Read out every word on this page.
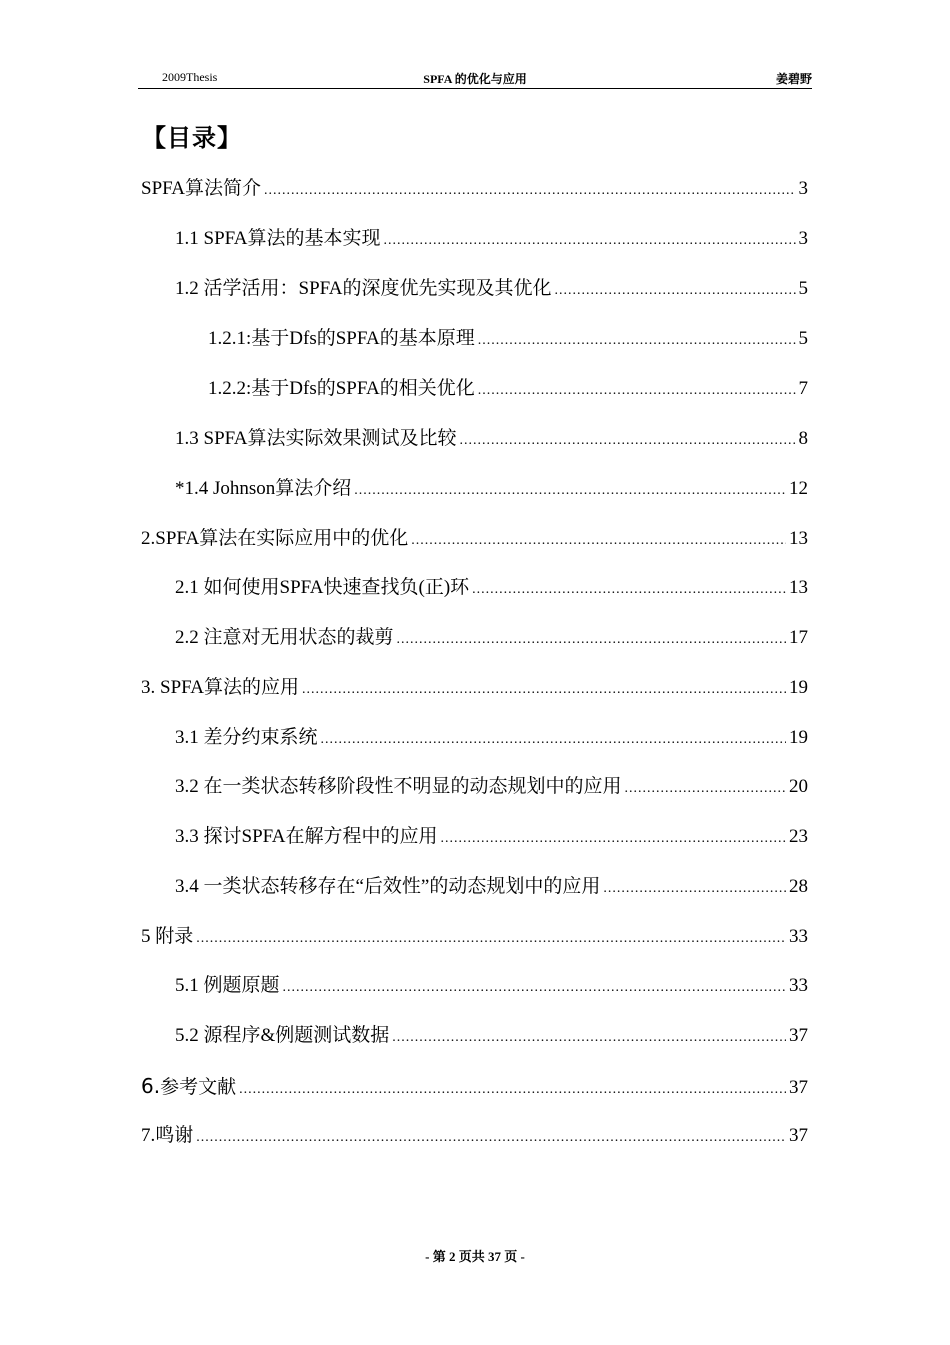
2009Thesis	SPFA 的优化与应用	姜碧野
【目录】
SPFA算法简介 .....	3
1.1 SPFA算法的基本实现 .....	3
1.2 活学活用：SPFA的深度优先实现及其优化 .....	5
1.2.1:基于Dfs的SPFA的基本原理 .....	5
1.2.2:基于Dfs的SPFA的相关优化 .....	7
1.3 SPFA算法实际效果测试及比较 .....	8
*1.4 Johnson算法介绍 .....	12
2.SPFA算法在实际应用中的优化 .....	13
2.1 如何使用SPFA快速查找负(正)环 .....	13
2.2 注意对无用状态的裁剪 .....	17
3. SPFA算法的应用 .....	19
3.1 差分约束系统 .....	19
3.2 在一类状态转移阶段性不明显的动态规划中的应用 .....	20
3.3 探讨SPFA在解方程中的应用 .....	23
3.4 一类状态转移存在“后效性”的动态规划中的应用 .....	28
5 附录 .....	33
5.1 例题原题 .....	33
5.2 源程序&例题测试数据 .....	37
6.参考文献 .....	37
7.鸣谢 .....	37
- 第 2 页共 37 页 -
